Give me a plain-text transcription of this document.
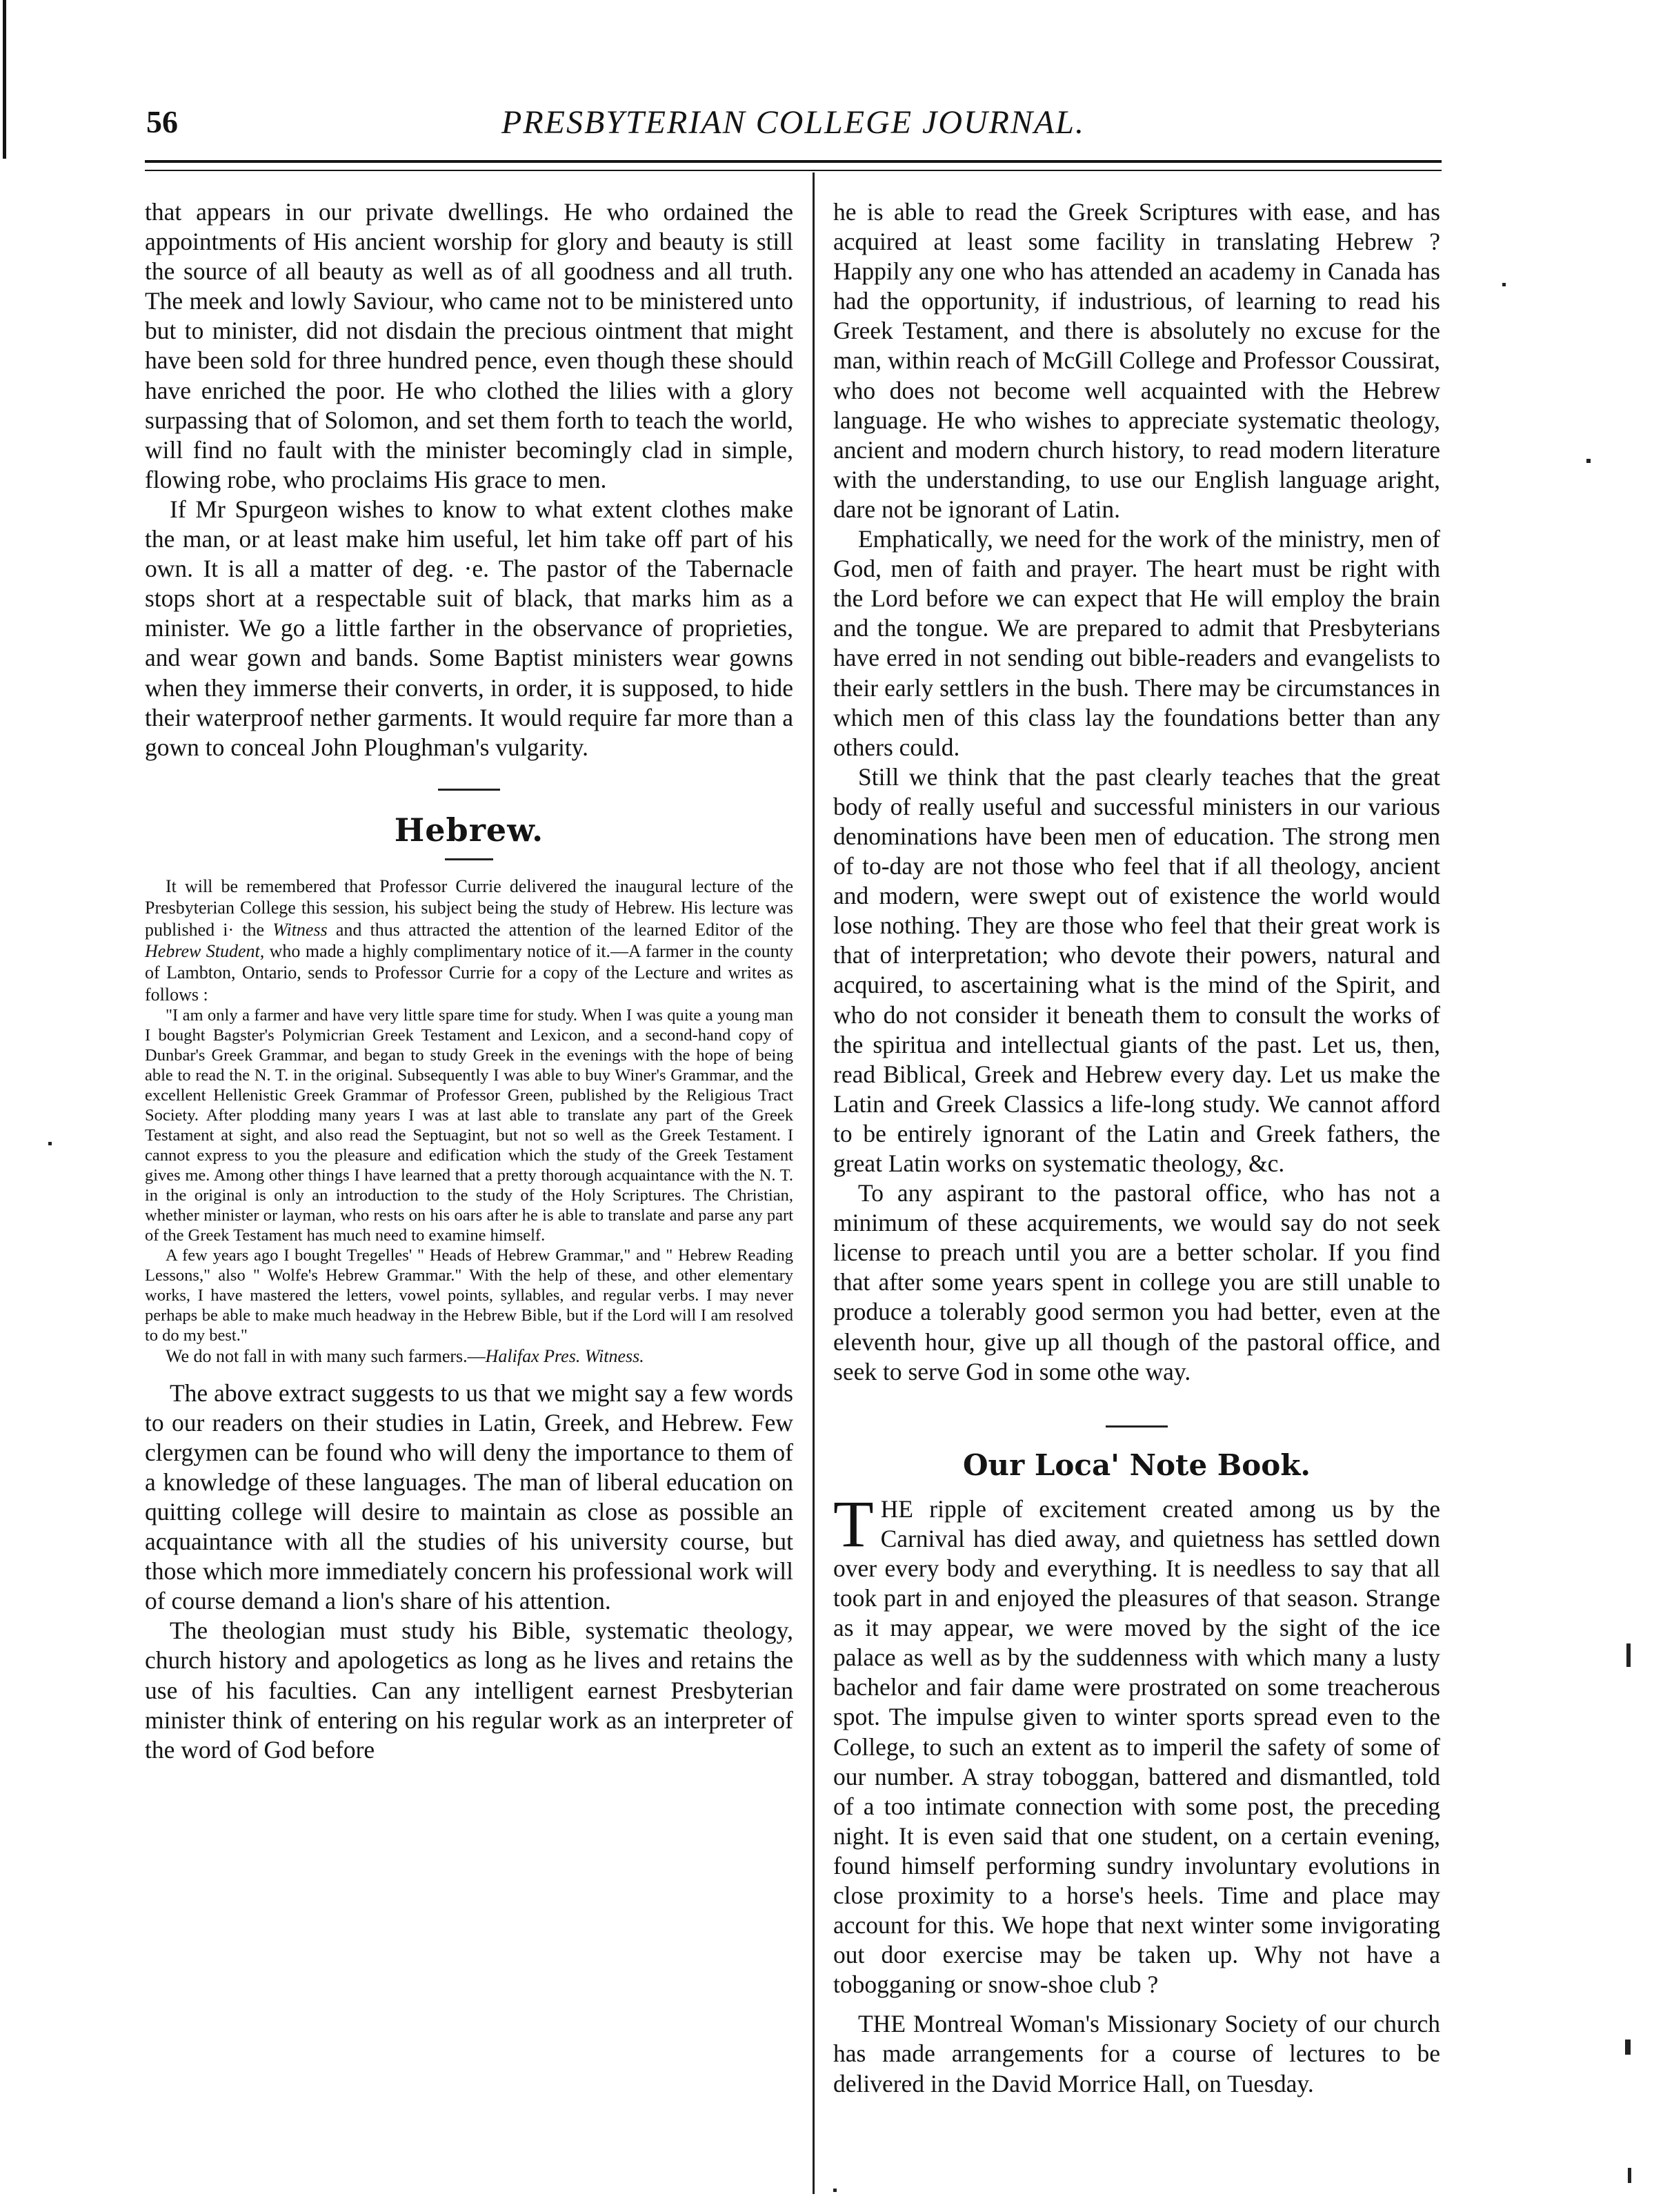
56	PRESBYTERIAN COLLEGE JOURNAL.

that appears in our private dwellings. He who ordained the appointments of His ancient worship for glory and beauty is still the source of all beauty as well as of all goodness and all truth. The meek and lowly Saviour, who came not to be ministered unto but to minister, did not disdain the precious ointment that might have been sold for three hundred pence, even though these should have enriched the poor. He who clothed the lilies with a glory surpassing that of Solomon, and set them forth to teach the world, will find no fault with the minister becomingly clad in simple, flowing robe, who proclaims His grace to men.

If Mr Spurgeon wishes to know to what extent clothes make the man, or at least make him useful, let him take off part of his own. It is all a matter of deg. ·e. The pastor of the Tabernacle stops short at a respectable suit of black, that marks him as a minister. We go a little farther in the observance of proprieties, and wear gown and bands. Some Baptist ministers wear gowns when they immerse their converts, in order, it is supposed, to hide their waterproof nether garments. It would require far more than a gown to conceal John Ploughman's vulgarity.

Hebrew.

It will be remembered that Professor Currie delivered the inaugural lecture of the Presbyterian College this session, his subject being the study of Hebrew. His lecture was published i· the Witness and thus attracted the attention of the learned Editor of the Hebrew Student, who made a highly complimentary notice of it.—A farmer in the county of Lambton, Ontario, sends to Professor Currie for a copy of the Lecture and writes as follows :

"I am only a farmer and have very little spare time for study. When I was quite a young man I bought Bagster's Polymicrian Greek Testament and Lexicon, and a second-hand copy of Dunbar's Greek Grammar, and began to study Greek in the evenings with the hope of being able to read the N. T. in the original. Subsequently I was able to buy Winer's Grammar, and the excellent Hellenistic Greek Grammar of Professor Green, published by the Religious Tract Society. After plodding many years I was at last able to translate any part of the Greek Testament at sight, and also read the Septuagint, but not so well as the Greek Testament. I cannot express to you the pleasure and edification which the study of the Greek Testament gives me. Among other things I have learned that a pretty thorough acquaintance with the N. T. in the original is only an introduction to the study of the Holy Scriptures. The Christian, whether minister or layman, who rests on his oars after he is able to translate and parse any part of the Greek Testament has much need to examine himself.

A few years ago I bought Tregelles' " Heads of Hebrew Grammar," and " Hebrew Reading Lessons," also " Wolfe's Hebrew Grammar." With the help of these, and other elementary works, I have mastered the letters, vowel points, syllables, and regular verbs. I may never perhaps be able to make much headway in the Hebrew Bible, but if the Lord will I am resolved to do my best."

We do not fall in with many such farmers.—Halifax Pres. Witness.

The above extract suggests to us that we might say a few words to our readers on their studies in Latin, Greek, and Hebrew. Few clergymen can be found who will deny the importance to them of a knowledge of these languages. The man of liberal education on quitting college will desire to maintain as close as possible an acquaintance with all the studies of his university course, but those which more immediately concern his professional work will of course demand a lion's share of his attention.

The theologian must study his Bible, systematic theology, church history and apologetics as long as he lives and retains the use of his faculties. Can any intelligent earnest Presbyterian minister think of entering on his regular work as an interpreter of the word of God before

he is able to read the Greek Scriptures with ease, and has acquired at least some facility in translating Hebrew ? Happily any one who has attended an academy in Canada has had the opportunity, if industrious, of learning to read his Greek Testament, and there is absolutely no excuse for the man, within reach of McGill College and Professor Coussirat, who does not become well acquainted with the Hebrew language. He who wishes to appreciate systematic theology, ancient and modern church history, to read modern literature with the understanding, to use our English language aright, dare not be ignorant of Latin.

Emphatically, we need for the work of the ministry, men of God, men of faith and prayer. The heart must be right with the Lord before we can expect that He will employ the brain and the tongue. We are prepared to admit that Presbyterians have erred in not sending out bible-readers and evangelists to their early settlers in the bush. There may be circumstances in which men of this class lay the foundations better than any others could.

Still we think that the past clearly teaches that the great body of really useful and successful ministers in our various denominations have been men of education. The strong men of to-day are not those who feel that if all theology, ancient and modern, were swept out of existence the world would lose nothing. They are those who feel that their great work is that of interpretation; who devote their powers, natural and acquired, to ascertaining what is the mind of the Spirit, and who do not consider it beneath them to consult the works of the spiritua and intellectual giants of the past. Let us, then, read Biblical, Greek and Hebrew every day. Let us make the Latin and Greek Classics a life-long study. We cannot afford to be entirely ignorant of the Latin and Greek fathers, the great Latin works on systematic theology, &c.

To any aspirant to the pastoral office, who has not a minimum of these acquirements, we would say do not seek license to preach until you are a better scholar. If you find that after some years spent in college you are still unable to produce a tolerably good sermon you had better, even at the eleventh hour, give up all though of the pastoral office, and seek to serve God in some othe way.

Our Loca' Note Book.

THE ripple of excitement created among us by the Carnival has died away, and quietness has settled down over every body and everything. It is needless to say that all took part in and enjoyed the pleasures of that season. Strange as it may appear, we were moved by the sight of the ice palace as well as by the suddenness with which many a lusty bachelor and fair dame were prostrated on some treacherous spot. The impulse given to winter sports spread even to the College, to such an extent as to imperil the safety of some of our number. A stray toboggan, battered and dismantled, told of a too intimate connection with some post, the preceding night. It is even said that one student, on a certain evening, found himself performing sundry involuntary evolutions in close proximity to a horse's heels. Time and place may account for this. We hope that next winter some invigorating out door exercise may be taken up. Why not have a tobogganing or snow-shoe club ?

THE Montreal Woman's Missionary Society of our church has made arrangements for a course of lectures to be delivered in the David Morrice Hall, on Tuesday.
